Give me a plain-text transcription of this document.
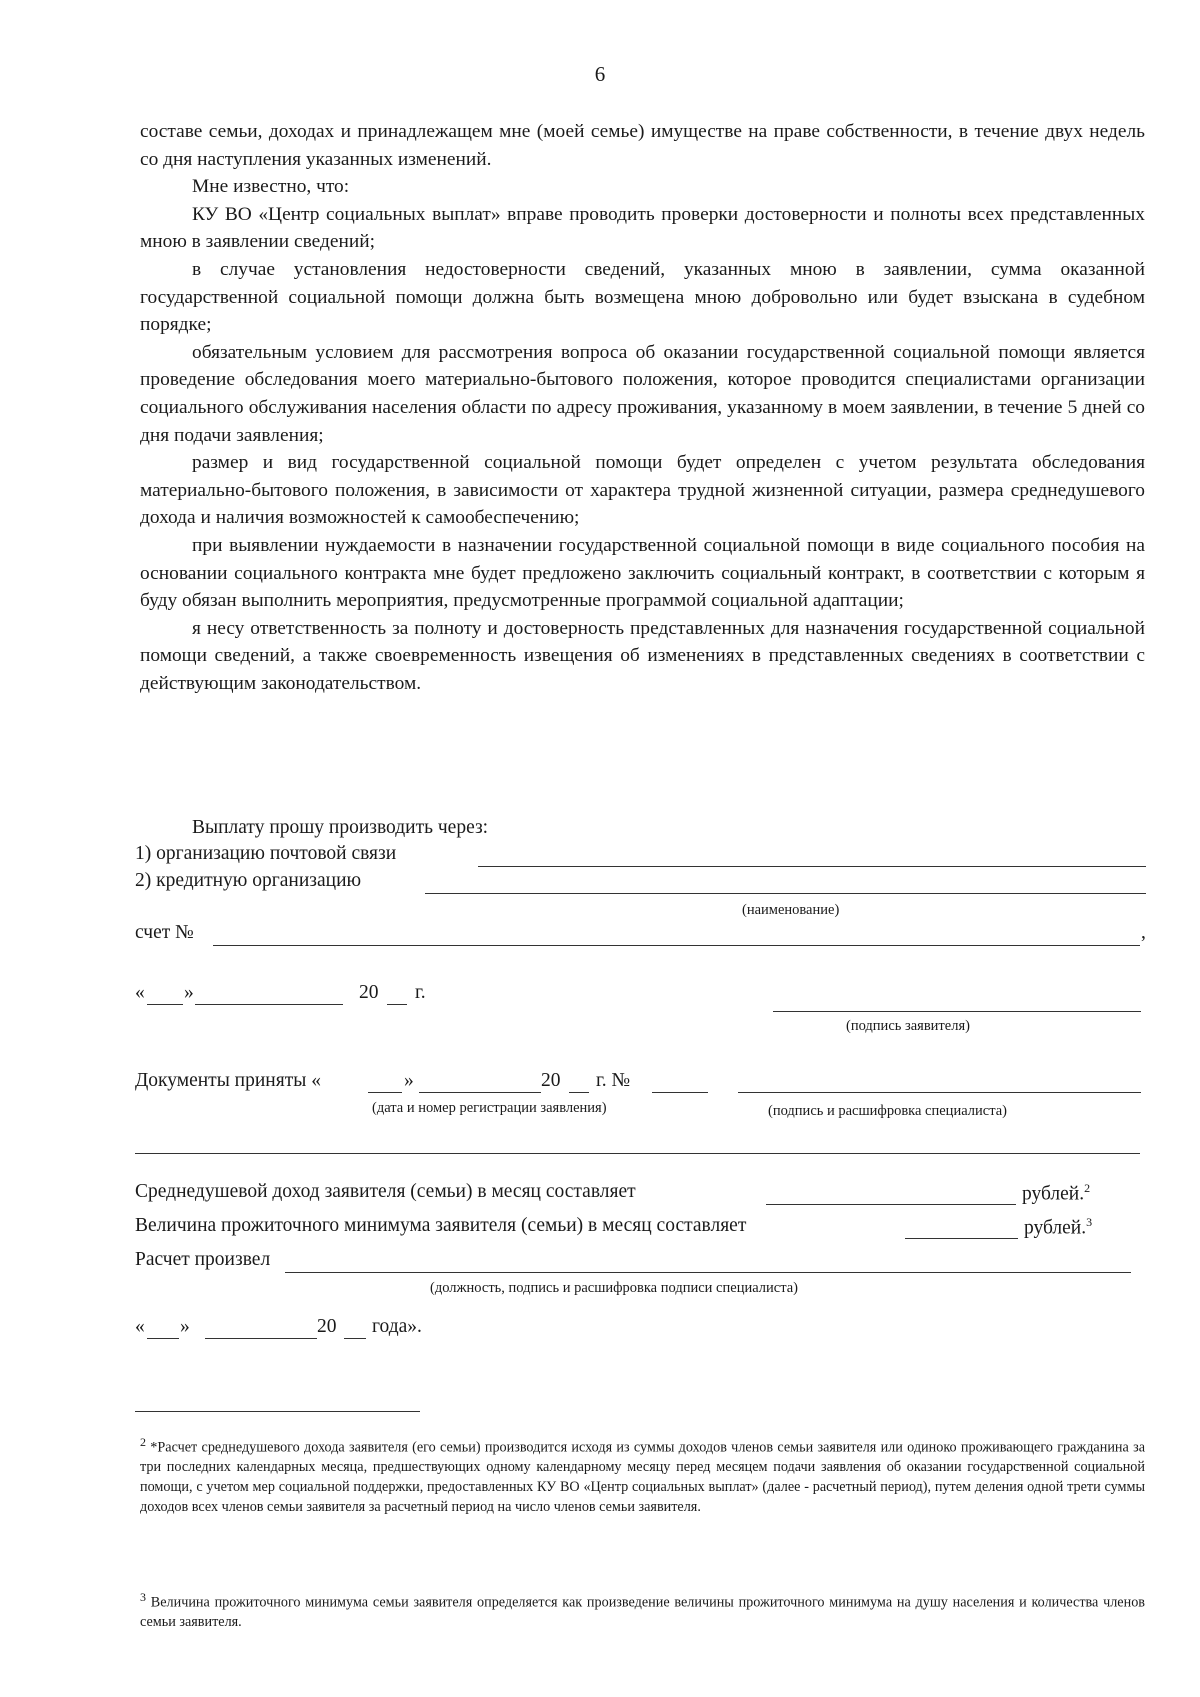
6

составе семьи, доходах и принадлежащем мне (моей семье) имуществе на праве собственности, в течение двух недель со дня наступления указанных изменений.

Мне известно, что:

КУ ВО «Центр социальных выплат» вправе проводить проверки достоверности и полноты всех представленных мною в заявлении сведений;

в случае установления недостоверности сведений, указанных мною в заявлении, сумма оказанной государственной социальной помощи должна быть возмещена мною добровольно или будет взыскана в судебном порядке;

обязательным условием для рассмотрения вопроса об оказании государственной социальной помощи является проведение обследования моего материально-бытового положения, которое проводится специалистами организации социального обслуживания населения области по адресу проживания, указанному в моем заявлении, в течение 5 дней со дня подачи заявления;

размер и вид государственной социальной помощи будет определен с учетом результата обследования материально-бытового положения, в зависимости от характера трудной жизненной ситуации, размера среднедушевого дохода и наличия возможностей к самообеспечению;

при выявлении нуждаемости в назначении государственной социальной помощи в виде социального пособия на основании социального контракта мне будет предложено заключить социальный контракт, в соответствии с которым я буду обязан выполнить мероприятия, предусмотренные программой социальной адаптации;

я несу ответственность за полноту и достоверность представленных для назначения государственной социальной помощи сведений, а также своевременность извещения об изменениях в представленных сведениях в соответствии с действующим законодательством.

Выплату прошу производить через:
1) организацию почтовой связи
2) кредитную организацию
(наименование)
счет №	,
« »	20 г.
(подпись заявителя)
Документы приняты «	»	20 г. №
(дата и номер регистрации заявления)	(подпись и расшифровка специалиста)
Среднедушевой доход заявителя (семьи) в месяц составляет	рублей.$^2$
Величина прожиточного минимума заявителя (семьи) в месяц составляет	рублей.$^3$
Расчет произвел
(должность, подпись и расшифровка подписи специалиста)
« »	20 года».

$^2$ *Расчет среднедушевого дохода заявителя (его семьи) производится исходя из суммы доходов членов семьи заявителя или одиноко проживающего гражданина за три последних календарных месяца, предшествующих одному календарному месяцу перед месяцем подачи заявления об оказании государственной социальной помощи, с учетом мер социальной поддержки, предоставленных КУ ВО «Центр социальных выплат» (далее - расчетный период), путем деления одной трети суммы доходов всех членов семьи заявителя за расчетный период на число членов семьи заявителя.

$^3$ Величина прожиточного минимума семьи заявителя определяется как произведение величины прожиточного минимума на душу населения и количества членов семьи заявителя.
